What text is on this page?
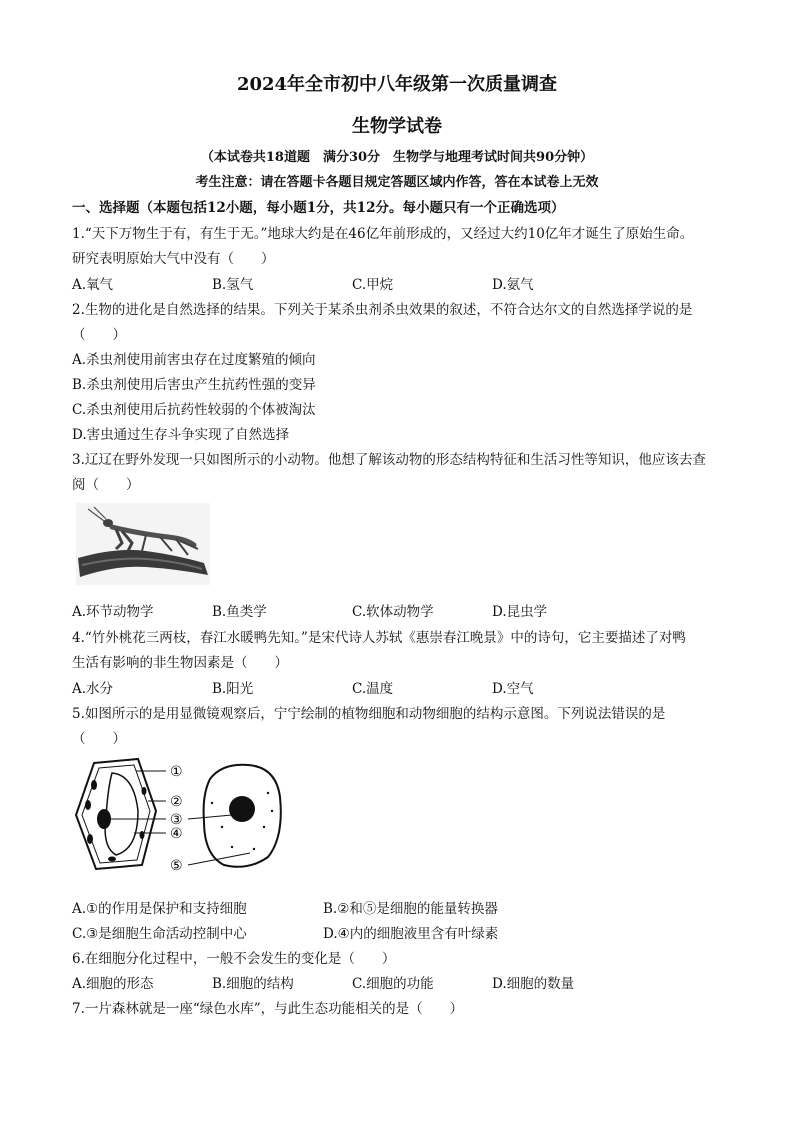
2024年全市初中八年级第一次质量调查
生物学试卷
（本试卷共18道题　满分30分　生物学与地理考试时间共90分钟）
考生注意：请在答题卡各题目规定答题区域内作答，答在本试卷上无效
一、选择题（本题包括12小题，每小题1分，共12分。每小题只有一个正确选项）
1.“天下万物生于有，有生于无。”地球大约是在46亿年前形成的，又经过大约10亿年才诞生了原始生命。
研究表明原始大气中没有（　　）
A.氧气	B.氢气	C.甲烷	D.氨气
2.生物的进化是自然选择的结果。下列关于某杀虫剂杀虫效果的叙述，不符合达尔文的自然选择学说的是
（　　）
A.杀虫剂使用前害虫存在过度繁殖的倾向
B.杀虫剂使用后害虫产生抗药性强的变异
C.杀虫剂使用后抗药性较弱的个体被淘汰
D.害虫通过生存斗争实现了自然选择
3.辽辽在野外发现一只如图所示的小动物。他想了解该动物的形态结构特征和生活习性等知识，他应该去查
阅（　　）
A.环节动物学	B.鱼类学	C.软体动物学	D.昆虫学
4.“竹外桃花三两枝，春江水暖鸭先知。”是宋代诗人苏轼《惠崇春江晚景》中的诗句，它主要描述了对鸭
生活有影响的非生物因素是（　　）
A.水分	B.阳光	C.温度	D.空气
5.如图所示的是用显微镜观察后，宁宁绘制的植物细胞和动物细胞的结构示意图。下列说法错误的是
（　　）
①
②
③
④
⑤
A.①的作用是保护和支持细胞	B.②和⑤是细胞的能量转换器
C.③是细胞生命活动控制中心	D.④内的细胞液里含有叶绿素
6.在细胞分化过程中，一般不会发生的变化是（　　）
A.细胞的形态	B.细胞的结构	C.细胞的功能	D.细胞的数量
7.一片森林就是一座“绿色水库”，与此生态功能相关的是（　　）
